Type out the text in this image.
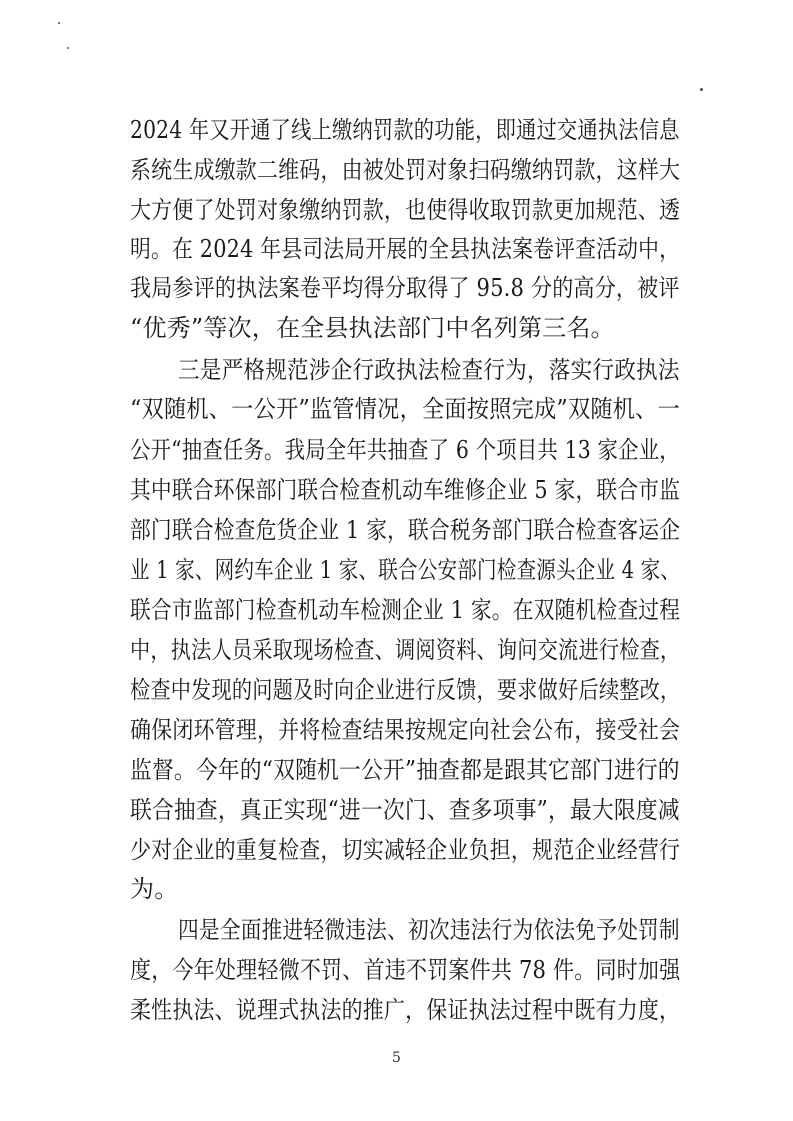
2024 年又开通了线上缴纳罚款的功能，即通过交通执法信息
系统生成缴款二维码，由被处罚对象扫码缴纳罚款，这样大
大方便了处罚对象缴纳罚款，也使得收取罚款更加规范、透
明。在 2024 年县司法局开展的全县执法案卷评查活动中，
我局参评的执法案卷平均得分取得了 95.8 分的高分，被评
“优秀”等次，在全县执法部门中名列第三名。
三是严格规范涉企行政执法检查行为，落实行政执法
“双随机、一公开”监管情况，全面按照完成”双随机、一
公开“抽查任务。我局全年共抽查了 6 个项目共 13 家企业，
其中联合环保部门联合检查机动车维修企业 5 家，联合市监
部门联合检查危货企业 1 家，联合税务部门联合检查客运企
业 1 家、网约车企业 1 家、联合公安部门检查源头企业 4 家、
联合市监部门检查机动车检测企业 1 家。在双随机检查过程
中，执法人员采取现场检查、调阅资料、询问交流进行检查，
检查中发现的问题及时向企业进行反馈，要求做好后续整改，
确保闭环管理，并将检查结果按规定向社会公布，接受社会
监督。今年的“双随机一公开”抽查都是跟其它部门进行的
联合抽查，真正实现“进一次门、查多项事”，最大限度减
少对企业的重复检查，切实减轻企业负担，规范企业经营行
为。
四是全面推进轻微违法、初次违法行为依法免予处罚制
度，今年处理轻微不罚、首违不罚案件共 78 件。同时加强
柔性执法、说理式执法的推广，保证执法过程中既有力度，
5
